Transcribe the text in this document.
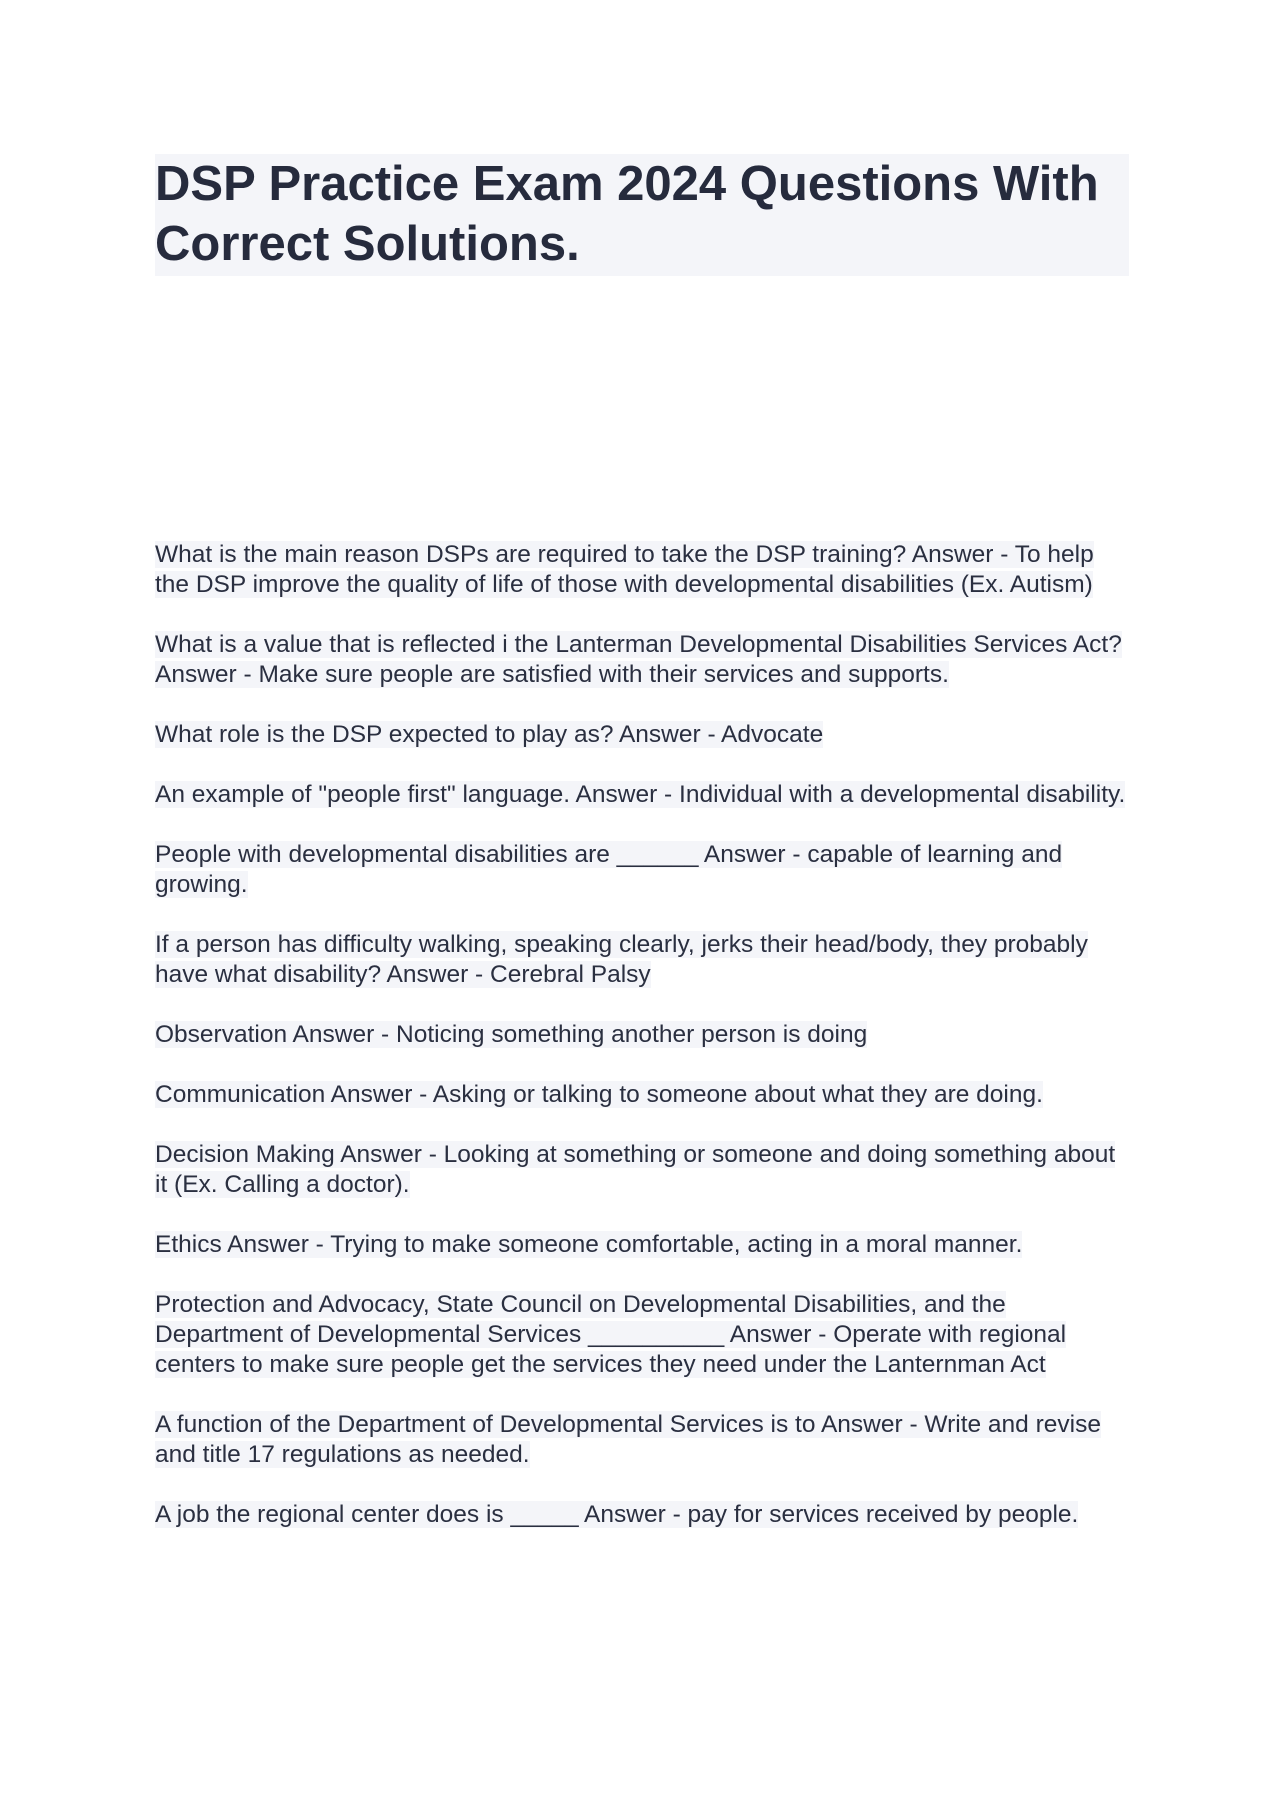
DSP Practice Exam 2024 Questions With Correct Solutions.

What is the main reason DSPs are required to take the DSP training? Answer - To help the DSP improve the quality of life of those with developmental disabilities (Ex. Autism)

What is a value that is reflected i the Lanterman Developmental Disabilities Services Act? Answer - Make sure people are satisfied with their services and supports.

What role is the DSP expected to play as? Answer - Advocate

An example of "people first" language. Answer - Individual with a developmental disability.

People with developmental disabilities are ______ Answer - capable of learning and growing.

If a person has difficulty walking, speaking clearly, jerks their head/body, they probably have what disability? Answer - Cerebral Palsy

Observation Answer - Noticing something another person is doing

Communication Answer - Asking or talking to someone about what they are doing.

Decision Making Answer - Looking at something or someone and doing something about it (Ex. Calling a doctor).

Ethics Answer - Trying to make someone comfortable, acting in a moral manner.

Protection and Advocacy, State Council on Developmental Disabilities, and the Department of Developmental Services __________ Answer - Operate with regional centers to make sure people get the services they need under the Lanternman Act

A function of the Department of Developmental Services is to Answer - Write and revise and title 17 regulations as needed.

A job the regional center does is _____ Answer - pay for services received by people.
